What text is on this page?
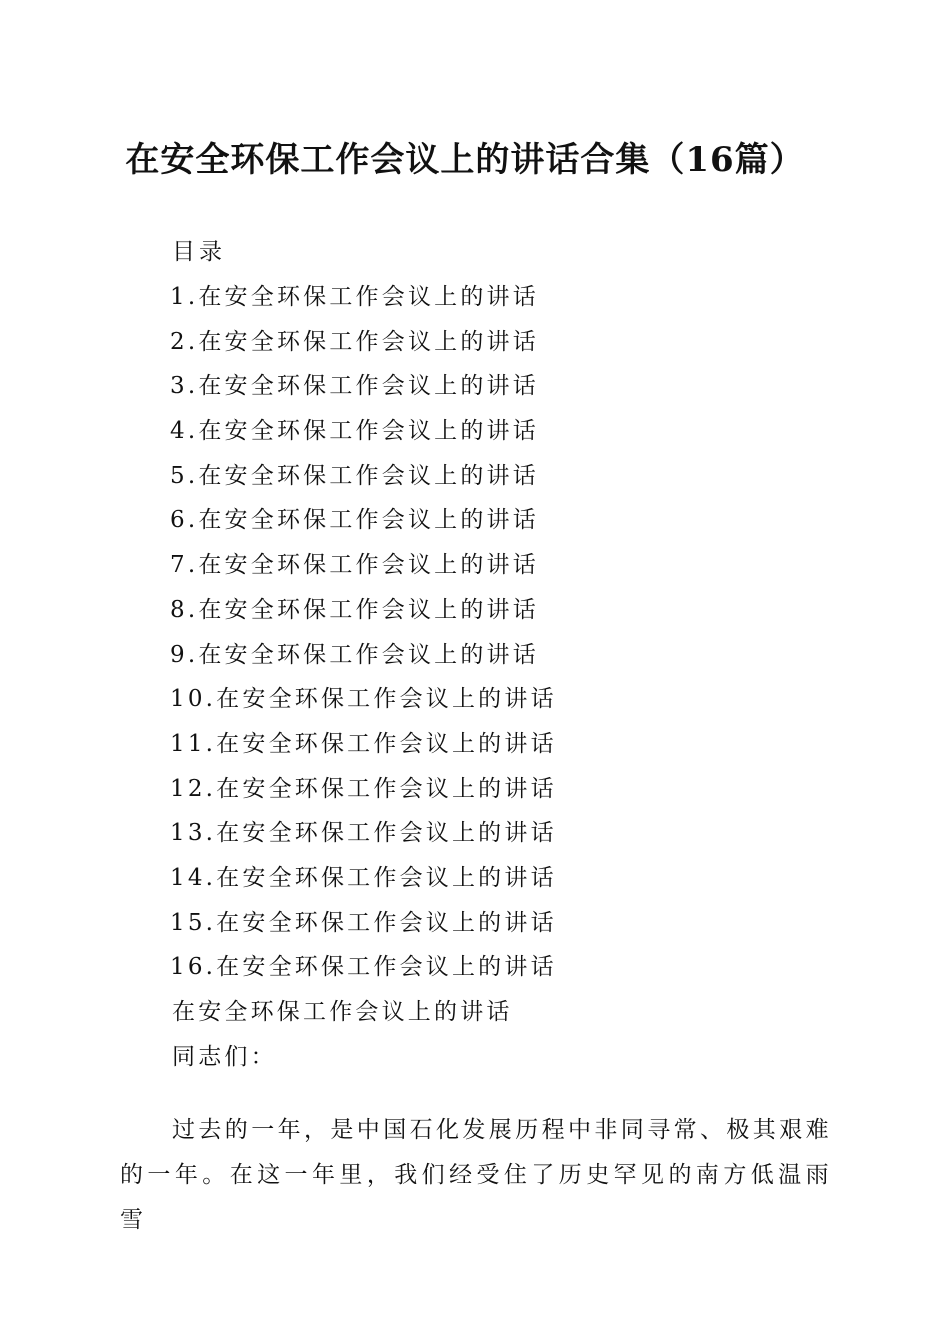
在安全环保工作会议上的讲话合集（16篇）
目录
1.在安全环保工作会议上的讲话
2.在安全环保工作会议上的讲话
3.在安全环保工作会议上的讲话
4.在安全环保工作会议上的讲话
5.在安全环保工作会议上的讲话
6.在安全环保工作会议上的讲话
7.在安全环保工作会议上的讲话
8.在安全环保工作会议上的讲话
9.在安全环保工作会议上的讲话
10.在安全环保工作会议上的讲话
11.在安全环保工作会议上的讲话
12.在安全环保工作会议上的讲话
13.在安全环保工作会议上的讲话
14.在安全环保工作会议上的讲话
15.在安全环保工作会议上的讲话
16.在安全环保工作会议上的讲话
在安全环保工作会议上的讲话
同志们：

过去的一年，是中国石化发展历程中非同寻常、极其艰难的一年。在这一年里，我们经受住了历史罕见的南方低温雨雪
